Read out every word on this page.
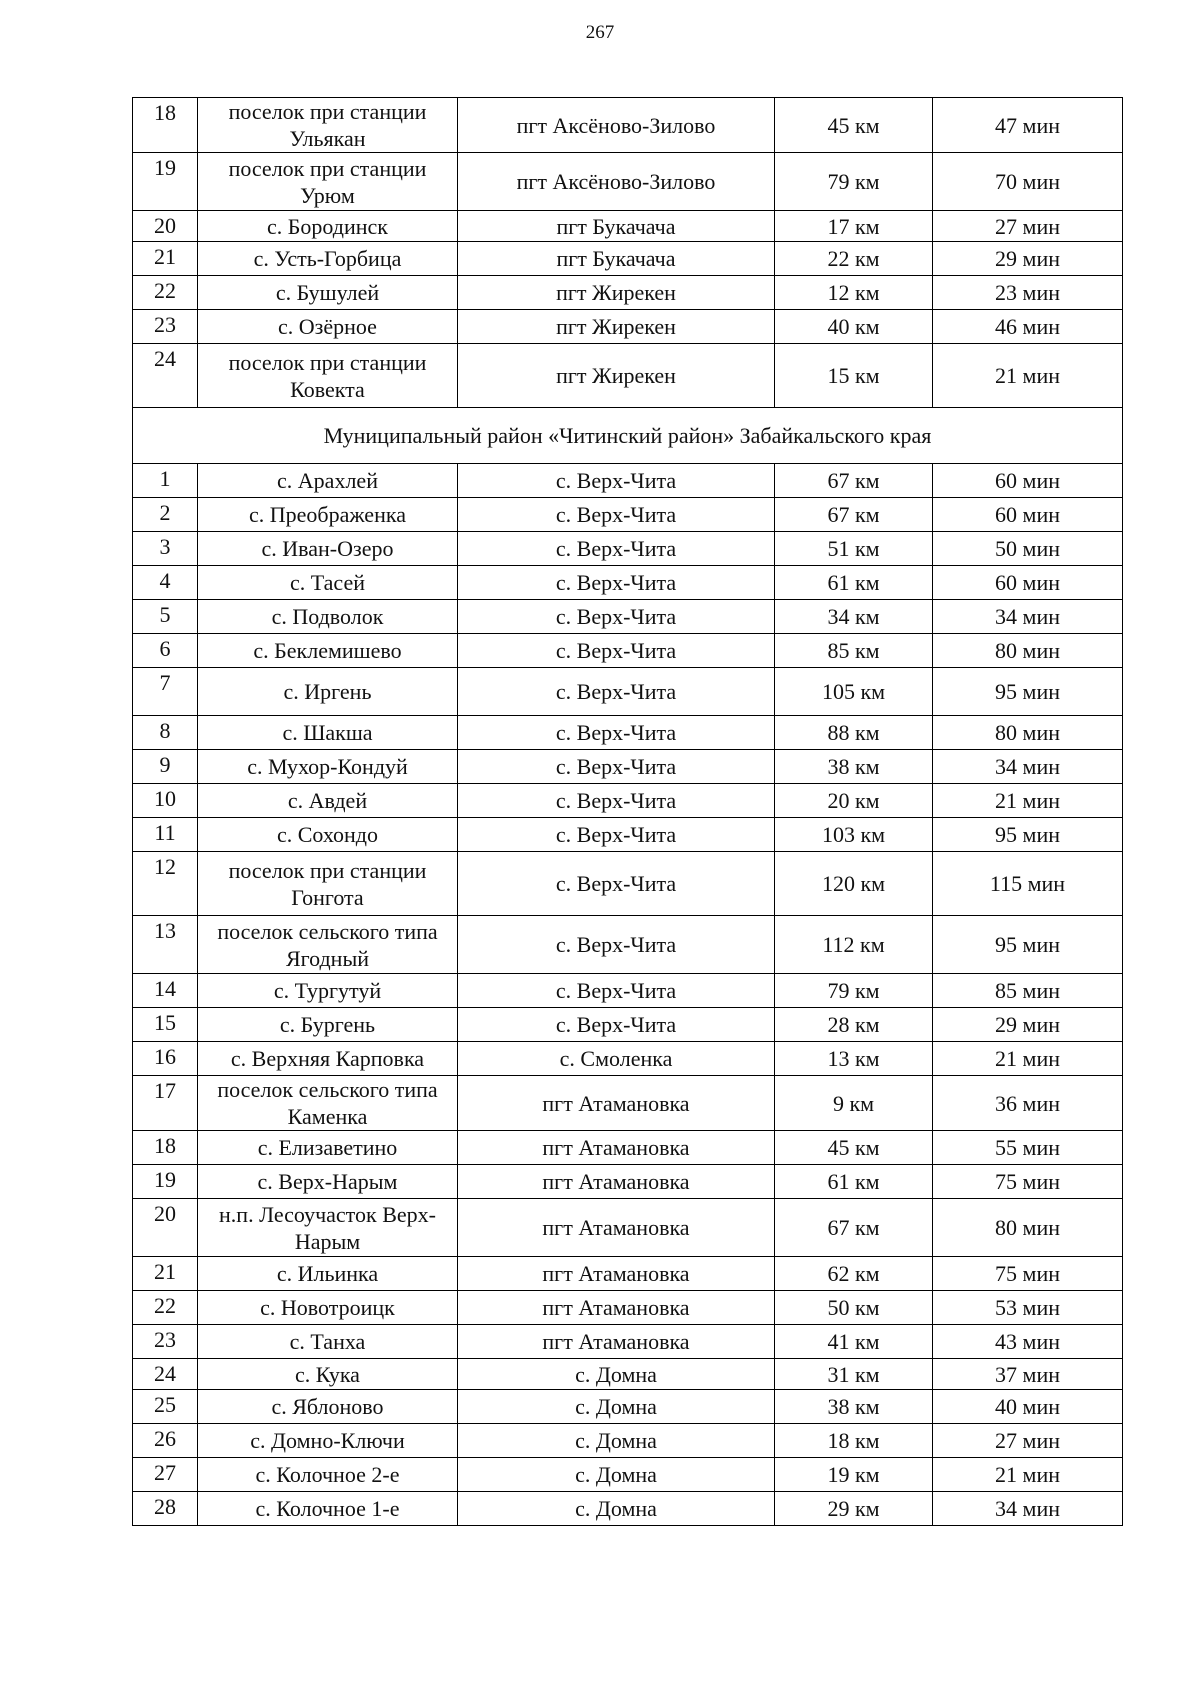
267
18	поселок при станции Ульякан	пгт Аксёново-Зилово	45 км	47 мин
19	поселок при станции Урюм	пгт Аксёново-Зилово	79 км	70 мин
20	с. Бородинск	пгт Букачача	17 км	27 мин
21	с. Усть-Горбица	пгт Букачача	22 км	29 мин
22	с. Бушулей	пгт Жирекен	12 км	23 мин
23	с. Озёрное	пгт Жирекен	40 км	46 мин
24	поселок при станции Ковекта	пгт Жирекен	15 км	21 мин
Муниципальный район «Читинский район» Забайкальского края				
1	с. Арахлей	с. Верх-Чита	67 км	60 мин
2	с. Преображенка	с. Верх-Чита	67 км	60 мин
3	с. Иван-Озеро	с. Верх-Чита	51 км	50 мин
4	с. Тасей	с. Верх-Чита	61 км	60 мин
5	с. Подволок	с. Верх-Чита	34 км	34 мин
6	с. Беклемишево	с. Верх-Чита	85 км	80 мин
7	с. Иргень	с. Верх-Чита	105 км	95 мин
8	с. Шакша	с. Верх-Чита	88 км	80 мин
9	с. Мухор-Кондуй	с. Верх-Чита	38 км	34 мин
10	с. Авдей	с. Верх-Чита	20 км	21 мин
11	с. Сохондо	с. Верх-Чита	103 км	95 мин
12	поселок при станции Гонгота	с. Верх-Чита	120 км	115 мин
13	поселок сельского типа Ягодный	с. Верх-Чита	112 км	95 мин
14	с. Тургутуй	с. Верх-Чита	79 км	85 мин
15	с. Бургень	с. Верх-Чита	28 км	29 мин
16	с. Верхняя Карповка	с. Смоленка	13 км	21 мин
17	поселок сельского типа Каменка	пгт Атамановка	9 км	36 мин
18	с. Елизаветино	пгт Атамановка	45 км	55 мин
19	с. Верх-Нарым	пгт Атамановка	61 км	75 мин
20	н.п. Лесоучасток Верх-Нарым	пгт Атамановка	67 км	80 мин
21	с. Ильинка	пгт Атамановка	62 км	75 мин
22	с. Новотроицк	пгт Атамановка	50 км	53 мин
23	с. Танха	пгт Атамановка	41 км	43 мин
24	с. Кука	с. Домна	31 км	37 мин
25	с. Яблоново	с. Домна	38 км	40 мин
26	с. Домно-Ключи	с. Домна	18 км	27 мин
27	с. Колочное 2-е	с. Домна	19 км	21 мин
28	с. Колочное 1-е	с. Домна	29 км	34 мин
